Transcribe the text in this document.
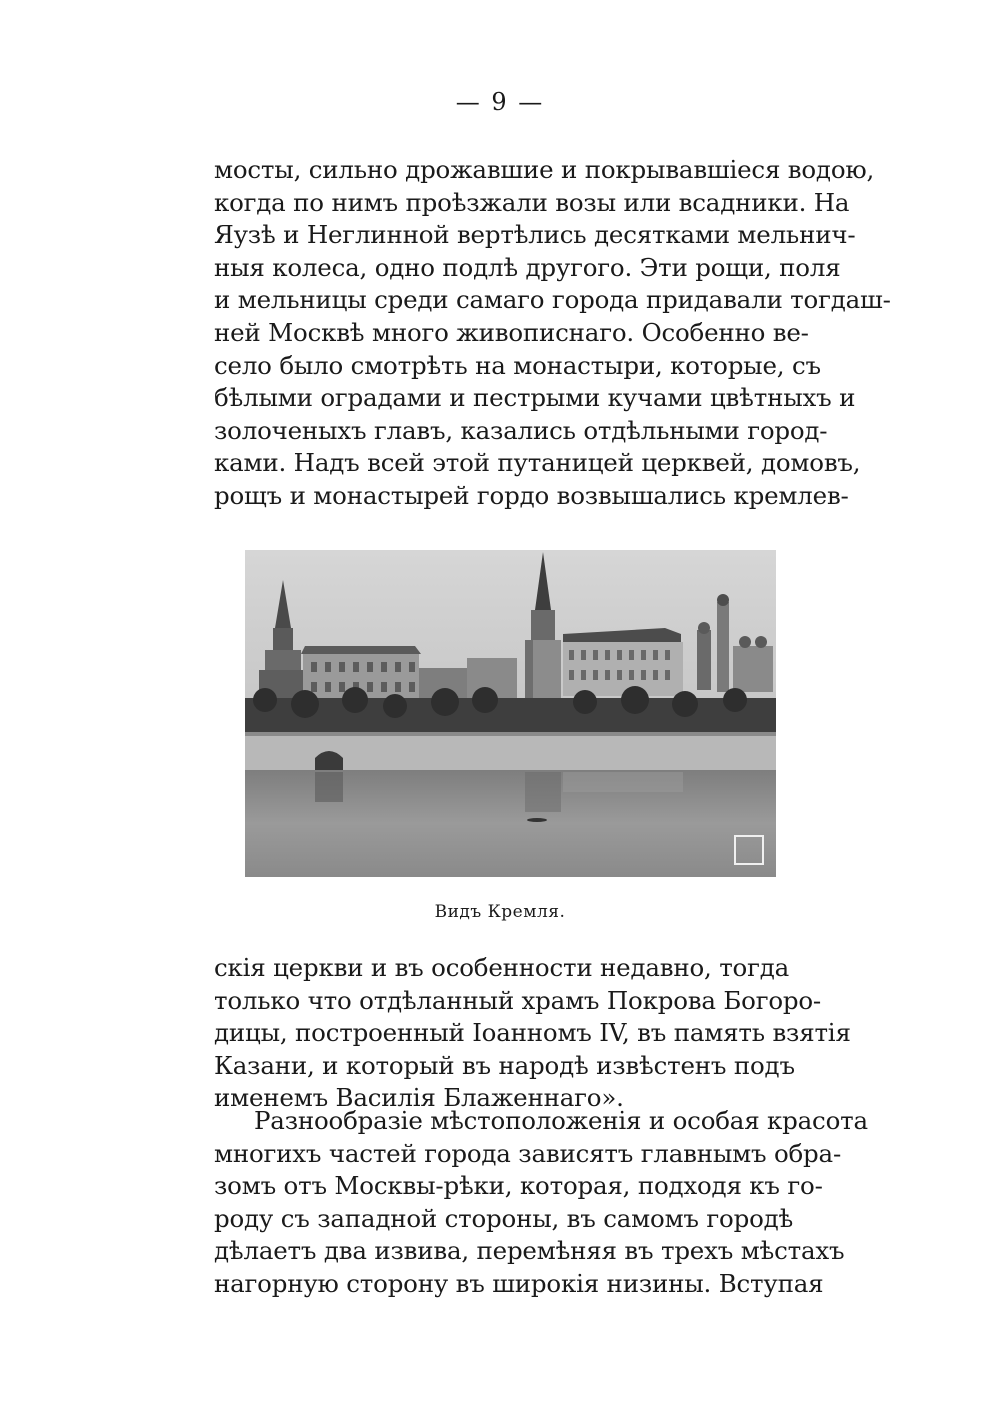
— 9 —
мосты, сильно дрожавшие и покрывавшіеся водою,
когда по нимъ проѣзжали возы или всадники. На
Яузѣ и Неглинной вертѣлись десятками мельнич-
ныя колеса, одно подлѣ другого. Эти рощи, поля
и мельницы среди самаго города придавали тогдаш-
ней Москвѣ много живописнаго. Особенно ве-
село было смотрѣть на монастыри, которые, съ
бѣлыми оградами и пестрыми кучами цвѣтныхъ и
золоченыхъ главъ, казались отдѣльными город-
ками. Надъ всей этой путаницей церквей, домовъ,
рощъ и монастырей гордо возвышались кремлев-
Видъ Кремля.
скія церкви и въ особенности недавно, тогда
только что отдѣланный храмъ Покрова Богоро-
дицы, построенный Іоанномъ IV, въ память взятія
Казани, и который въ народѣ извѣстенъ подъ
именемъ Василія Блаженнаго».
Разнообразіе мѣстоположенія и особая красота
многихъ частей города зависятъ главнымъ обра-
зомъ отъ Москвы-рѣки, которая, подходя къ го-
роду съ западной стороны, въ самомъ городѣ
дѣлаетъ два извива, перемѣняя въ трехъ мѣстахъ
нагорную сторону въ широкія низины. Вступая
